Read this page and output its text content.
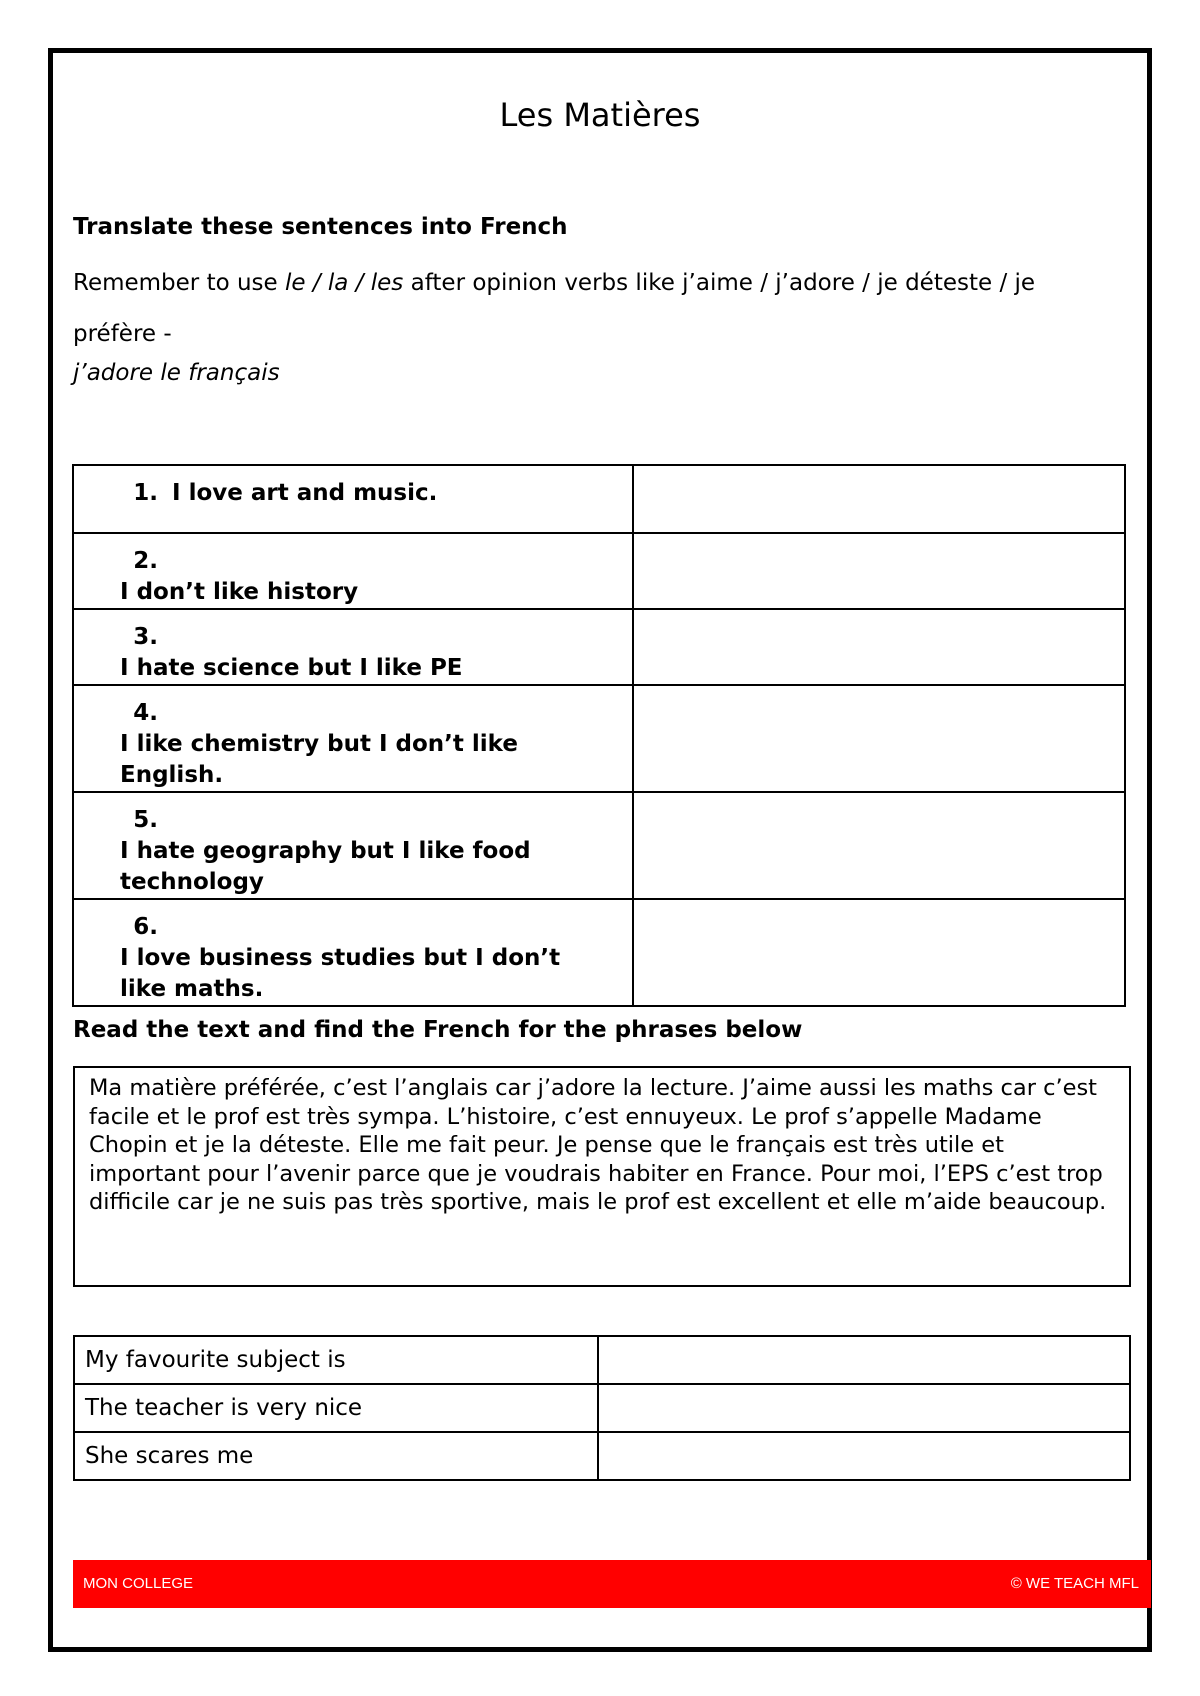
Les Matières

Translate these sentences into French

Remember to use le / la / les after opinion verbs like j’aime / j’adore / je déteste / je préfère -

j’adore le français

1. I love art and music.	
2.I don’t like history	
3.I hate science but I like PE	
4.I like chemistry but I don’t like English.	
5.I hate geography but I like food technology	
6.I love business studies but I don’t like maths.	

Read the text and find the French for the phrases below

Ma matière préférée, c’est l’anglais car j’adore la lecture. J’aime aussi les maths car c’est facile et le prof est très sympa. L’histoire, c’est ennuyeux. Le prof s’appelle Madame Chopin et je la déteste. Elle me fait peur. Je pense que le français est très utile et important pour l’avenir parce que je voudrais habiter en France. Pour moi, l’EPS c’est trop difficile car je ne suis pas très sportive, mais le prof est excellent et elle m’aide beaucoup.

My favourite subject is	
The teacher is very nice	
She scares me	
MON COLLEGE	© WE TEACH MFL
